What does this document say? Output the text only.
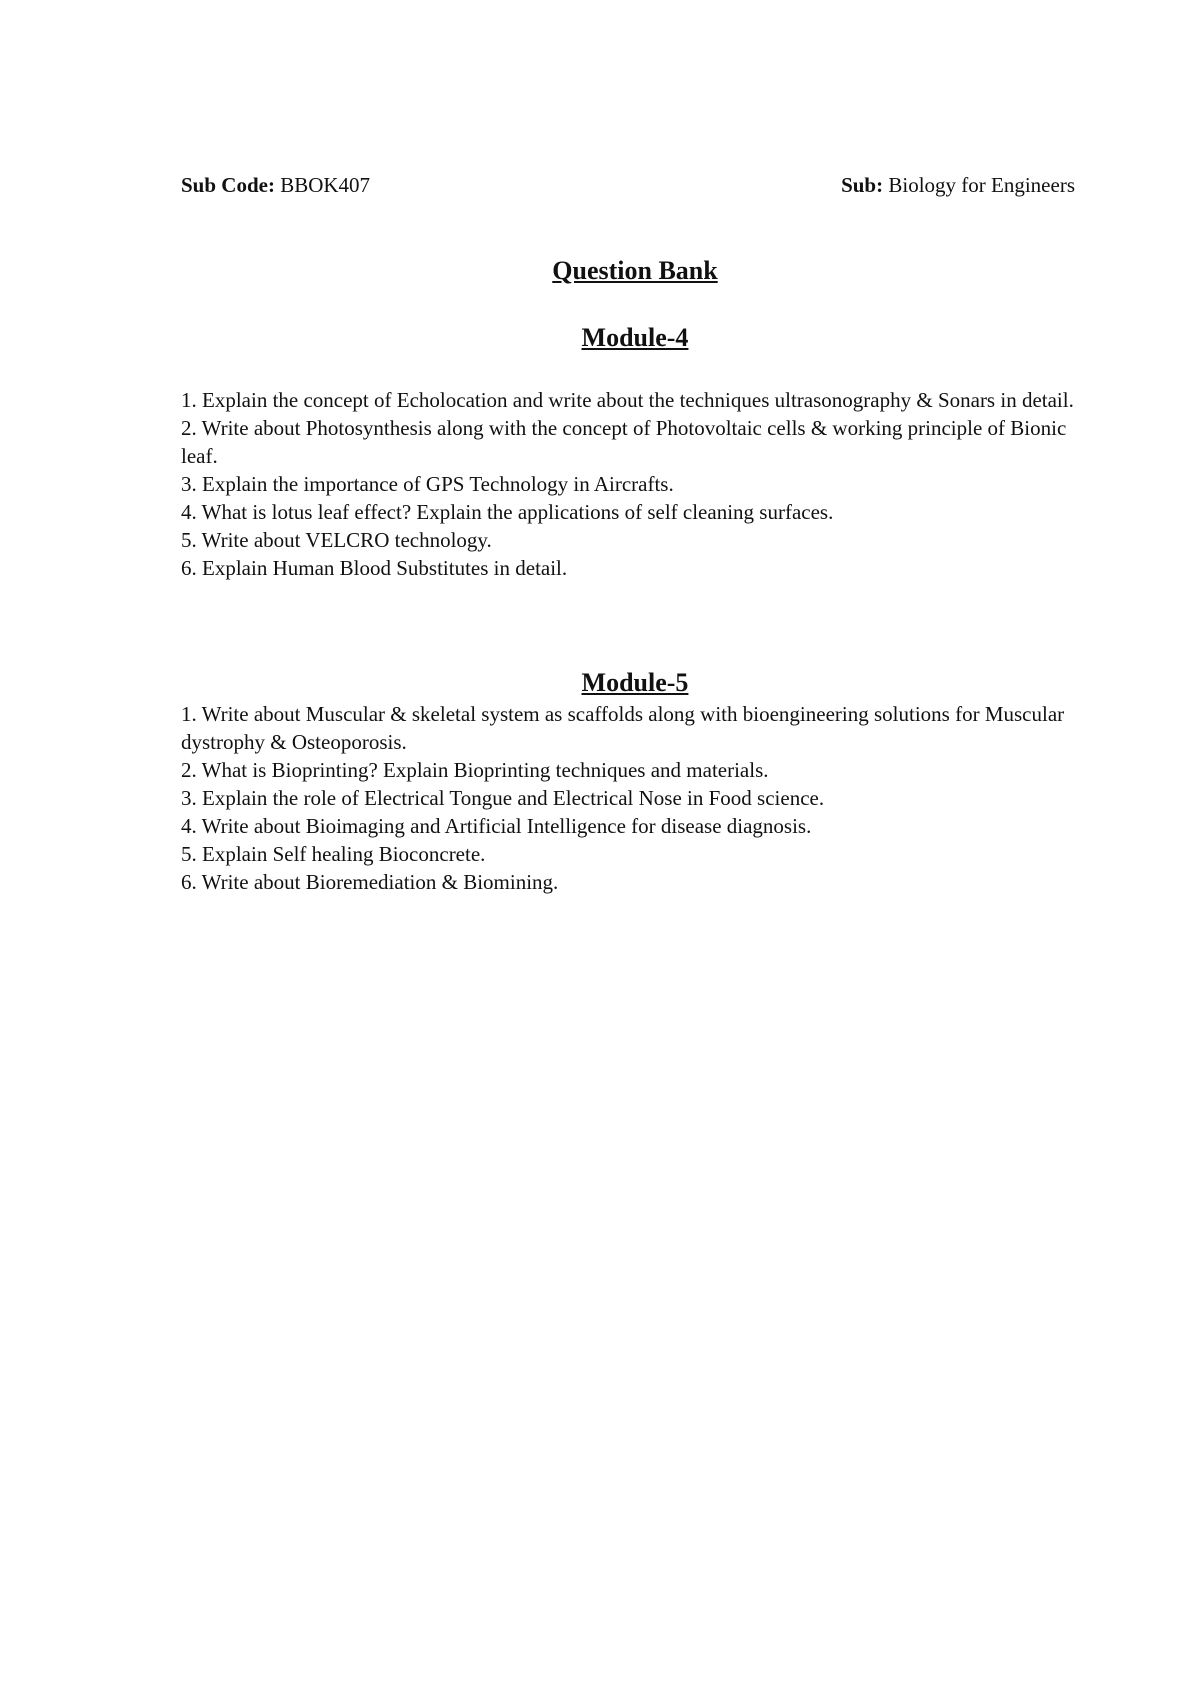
Sub Code: BBOK407	Sub: Biology for Engineers
Question Bank
Module-4
1. Explain the concept of Echolocation and write about the techniques ultrasonography & Sonars in detail.
2. Write about Photosynthesis along with the concept of Photovoltaic cells & working principle of Bionic leaf.
3. Explain the importance of GPS Technology in Aircrafts.
4. What is lotus leaf effect? Explain the applications of self cleaning surfaces.
5. Write about VELCRO technology.
6. Explain Human Blood Substitutes in detail.
Module-5
1. Write about Muscular & skeletal system as scaffolds along with bioengineering solutions for Muscular dystrophy & Osteoporosis.
2. What is Bioprinting? Explain Bioprinting techniques and materials.
3. Explain the role of Electrical Tongue and Electrical Nose in Food science.
4. Write about Bioimaging and Artificial Intelligence for disease diagnosis.
5. Explain Self healing Bioconcrete.
6. Write about Bioremediation & Biomining.
